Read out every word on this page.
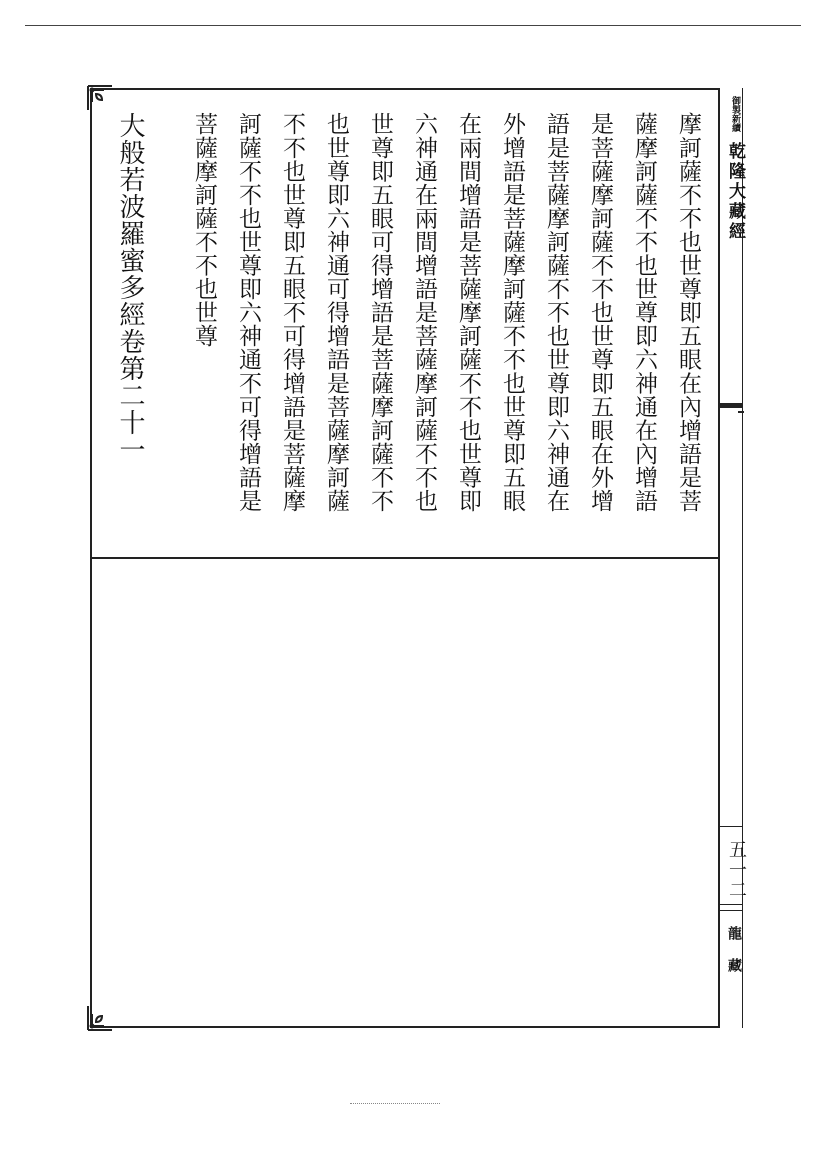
御製新續
乾隆大藏經
五一二
龍藏
摩訶薩不不也世尊即五眼在內增語是菩
薩摩訶薩不不也世尊即六神通在內增語
是菩薩摩訶薩不不也世尊即五眼在外增
語是菩薩摩訶薩不不也世尊即六神通在
外增語是菩薩摩訶薩不不也世尊即五眼
在兩間增語是菩薩摩訶薩不不也世尊即
六神通在兩間增語是菩薩摩訶薩不不也
世尊即五眼可得增語是菩薩摩訶薩不不
也世尊即六神通可得增語是菩薩摩訶薩
不不也世尊即五眼不可得增語是菩薩摩
訶薩不不也世尊即六神通不可得增語是
菩薩摩訶薩不不也世尊
大般若波羅蜜多經卷第二十一
